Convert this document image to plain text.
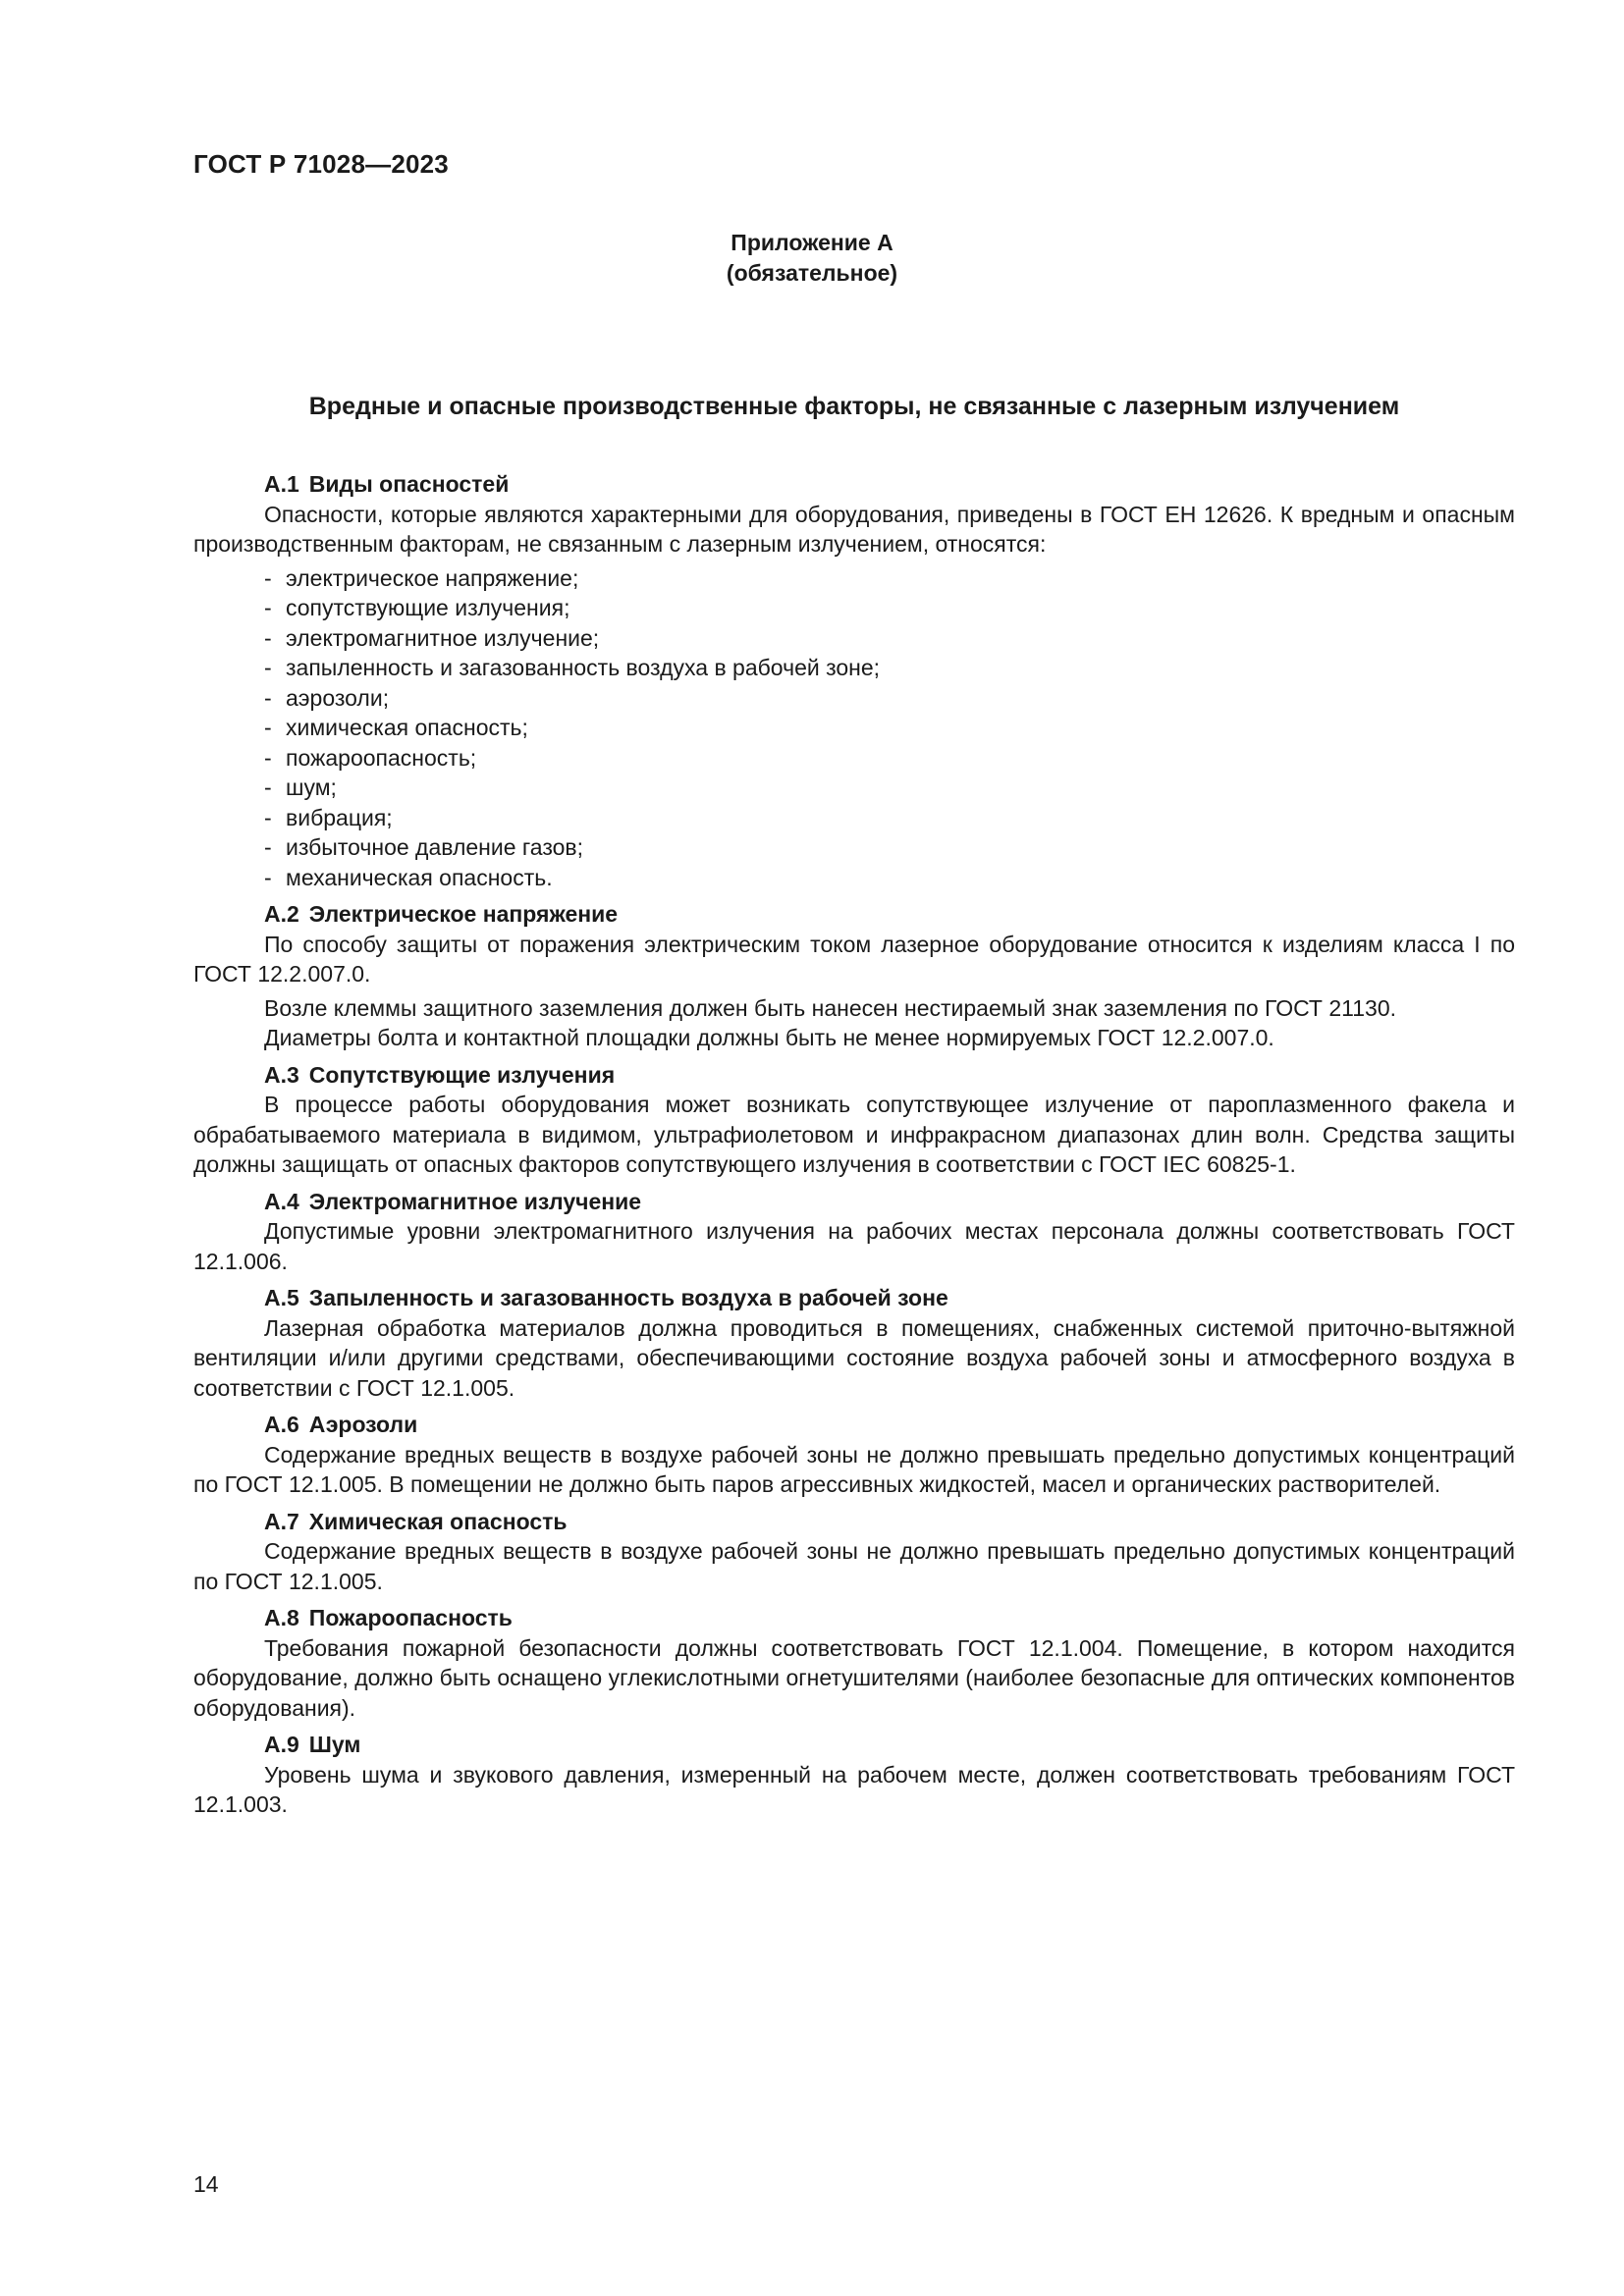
ГОСТ Р 71028—2023
Приложение А
(обязательное)
Вредные и опасные производственные факторы, не связанные с лазерным излучением

А.1 Виды опасностей

Опасности, которые являются характерными для оборудования, приведены в ГОСТ ЕН 12626. К вредным и опасным производственным факторам, не связанным с лазерным излучением, относятся:

- электрическое напряжение;
- сопутствующие излучения;
- электромагнитное излучение;
- запыленность и загазованность воздуха в рабочей зоне;
- аэрозоли;
- химическая опасность;
- пожароопасность;
- шум;
- вибрация;
- избыточное давление газов;
- механическая опасность.

А.2 Электрическое напряжение

По способу защиты от поражения электрическим током лазерное оборудование относится к изделиям класса I по ГОСТ 12.2.007.0.

Возле клеммы защитного заземления должен быть нанесен нестираемый знак заземления по ГОСТ 21130.

Диаметры болта и контактной площадки должны быть не менее нормируемых ГОСТ 12.2.007.0.

А.3 Сопутствующие излучения

В процессе работы оборудования может возникать сопутствующее излучение от пароплазменного факела и обрабатываемого материала в видимом, ультрафиолетовом и инфракрасном диапазонах длин волн. Средства защиты должны защищать от опасных факторов сопутствующего излучения в соответствии с ГОСТ IEC 60825-1.

А.4 Электромагнитное излучение

Допустимые уровни электромагнитного излучения на рабочих местах персонала должны соответствовать ГОСТ 12.1.006.

А.5 Запыленность и загазованность воздуха в рабочей зоне

Лазерная обработка материалов должна проводиться в помещениях, снабженных системой приточно-вытяжной вентиляции и/или другими средствами, обеспечивающими состояние воздуха рабочей зоны и атмосферного воздуха в соответствии с ГОСТ 12.1.005.

А.6 Аэрозоли

Содержание вредных веществ в воздухе рабочей зоны не должно превышать предельно допустимых концентраций по ГОСТ 12.1.005. В помещении не должно быть паров агрессивных жидкостей, масел и органических растворителей.

А.7 Химическая опасность

Содержание вредных веществ в воздухе рабочей зоны не должно превышать предельно допустимых концентраций по ГОСТ 12.1.005.

А.8 Пожароопасность

Требования пожарной безопасности должны соответствовать ГОСТ 12.1.004. Помещение, в котором находится оборудование, должно быть оснащено углекислотными огнетушителями (наиболее безопасные для оптических компонентов оборудования).

А.9 Шум

Уровень шума и звукового давления, измеренный на рабочем месте, должен соответствовать требованиям ГОСТ 12.1.003.

14
